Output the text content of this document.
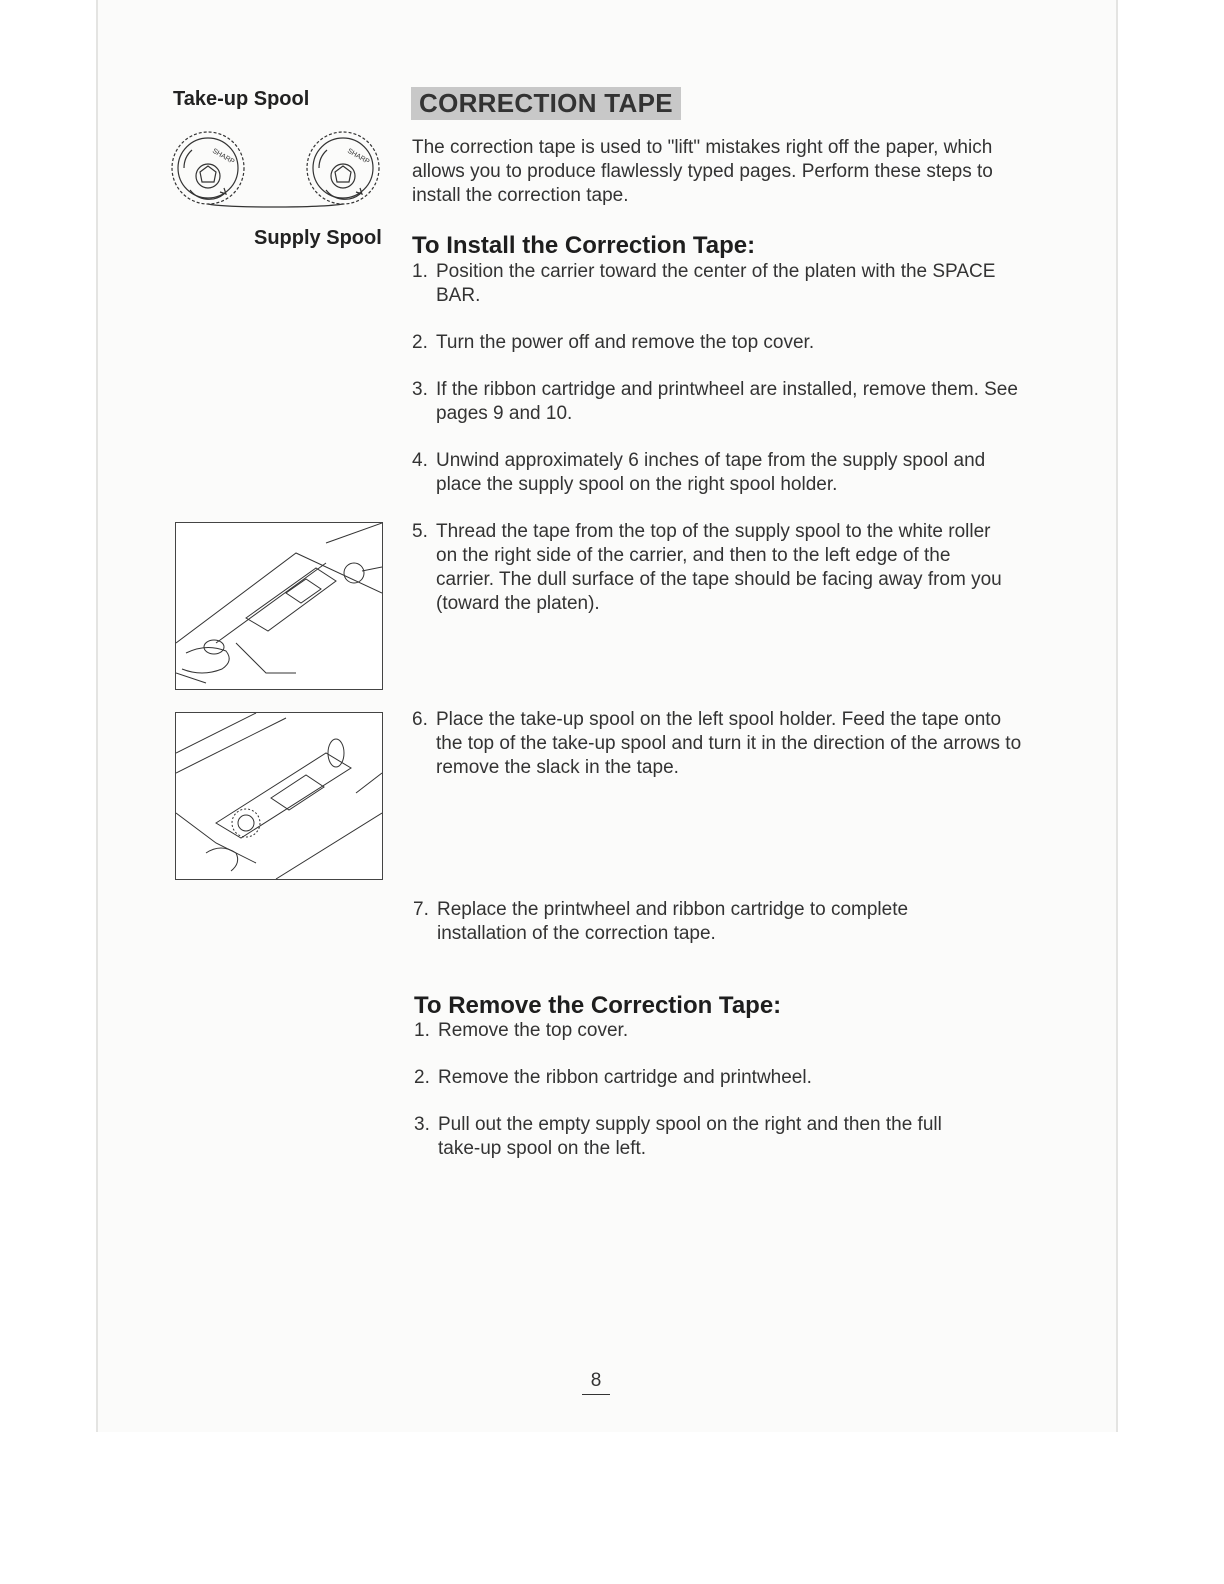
Take-up Spool
SHARP	SHARP
Supply Spool
CORRECTION TAPE
The correction tape is used to "lift" mistakes right off the paper, which allows you to produce flawlessly typed pages. Perform these steps to install the correction tape.
To Install the Correction Tape:
1. Position the carrier toward the center of the platen with the SPACE BAR.
2. Turn the power off and remove the top cover.
3. If the ribbon cartridge and printwheel are installed, remove them. See pages 9 and 10.
4. Unwind approximately 6 inches of tape from the supply spool and place the supply spool on the right spool holder.
5. Thread the tape from the top of the supply spool to the white roller on the right side of the carrier, and then to the left edge of the carrier. The dull surface of the tape should be facing away from you (toward the platen).
6. Place the take-up spool on the left spool holder. Feed the tape onto the top of the take-up spool and turn it in the direction of the arrows to remove the slack in the tape.
7. Replace the printwheel and ribbon cartridge to complete installation of the correction tape.
To Remove the Correction Tape:
1. Remove the top cover.
2. Remove the ribbon cartridge and printwheel.
3. Pull out the empty supply spool on the right and then the full take-up spool on the left.
8
